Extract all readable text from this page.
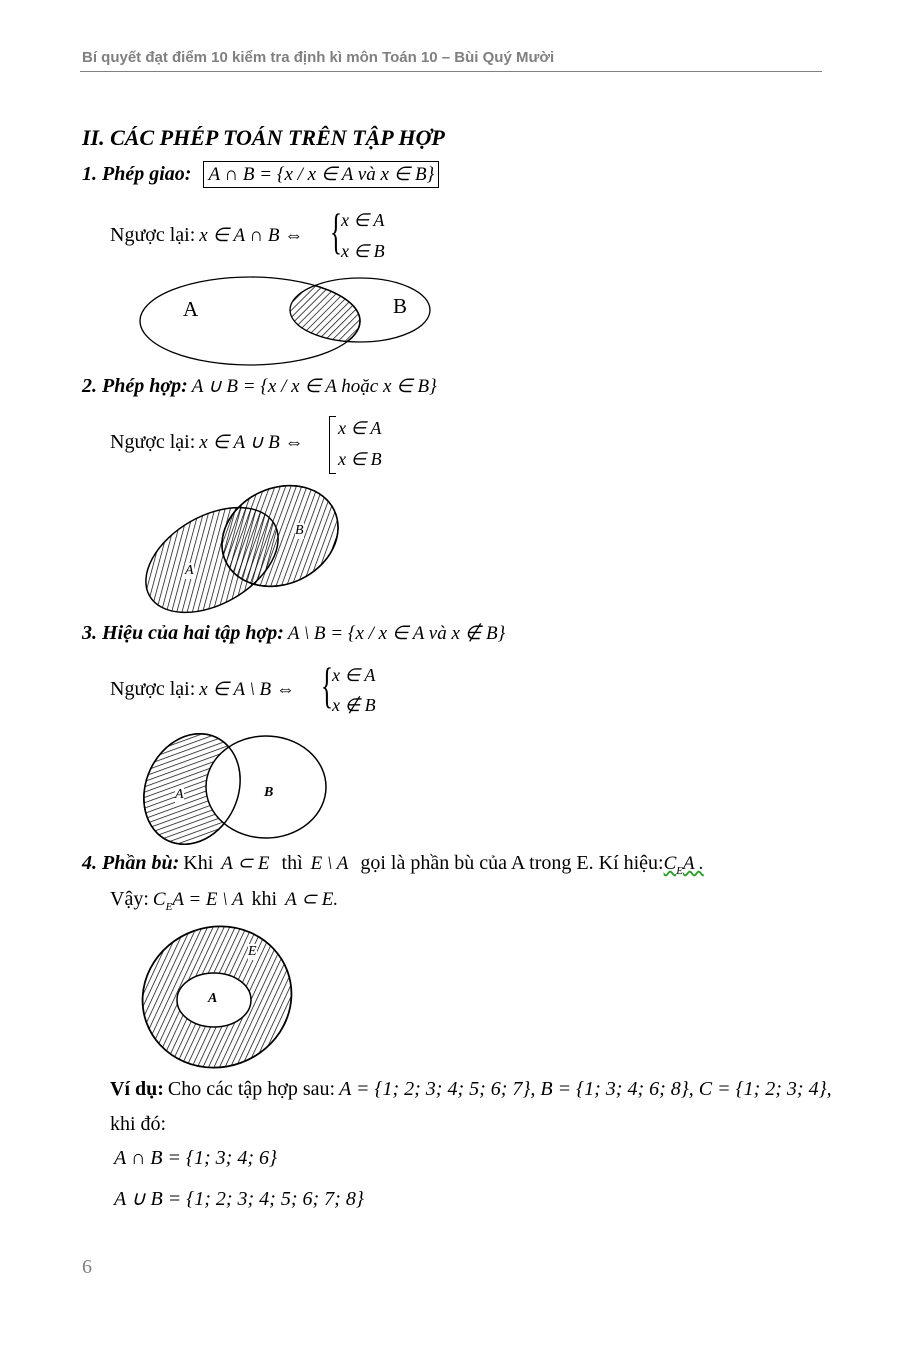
Bí quyết đạt điểm 10 kiểm tra định kì môn Toán 10 – Bùi Quý Mười
II. CÁC PHÉP TOÁN TRÊN TẬP HỢP
1. Phép giao: A ∩ B = {x / x ∈ A và x ∈ B}
Ngược lại: x ∈ A ∩ B ⇔ { x ∈ A
x ∈ B
A	B
2. Phép hợp: A ∪ B = {x / x ∈ A hoặc x ∈ B}
Ngược lại: x ∈ A ∪ B ⇔
x ∈ A
x ∈ B
A
B
3. Hiệu của hai tập hợp: A \ B = {x / x ∈ A và x ∉ B}
Ngược lại: x ∈ A \ B ⇔ { x ∈ A
x ∉ B
A	B
4. Phần bù: Khi A ⊂ E thì E \ A gọi là phần bù của A trong E. Kí $hiệu:C_EA$ .
Vậy: $C_EA = E$ \ A khi A ⊂ E.
E
A
Ví dụ: Cho các tập hợp sau: A = {1; 2; 3; 4; 5; 6; 7}, B = {1; 3; 4; 6; 8}, C = {1; 2; 3; 4},
khi đó:
A ∩ B = {1; 3; 4; 6}
A ∪ B = {1; 2; 3; 4; 5; 6; 7; 8}
6
